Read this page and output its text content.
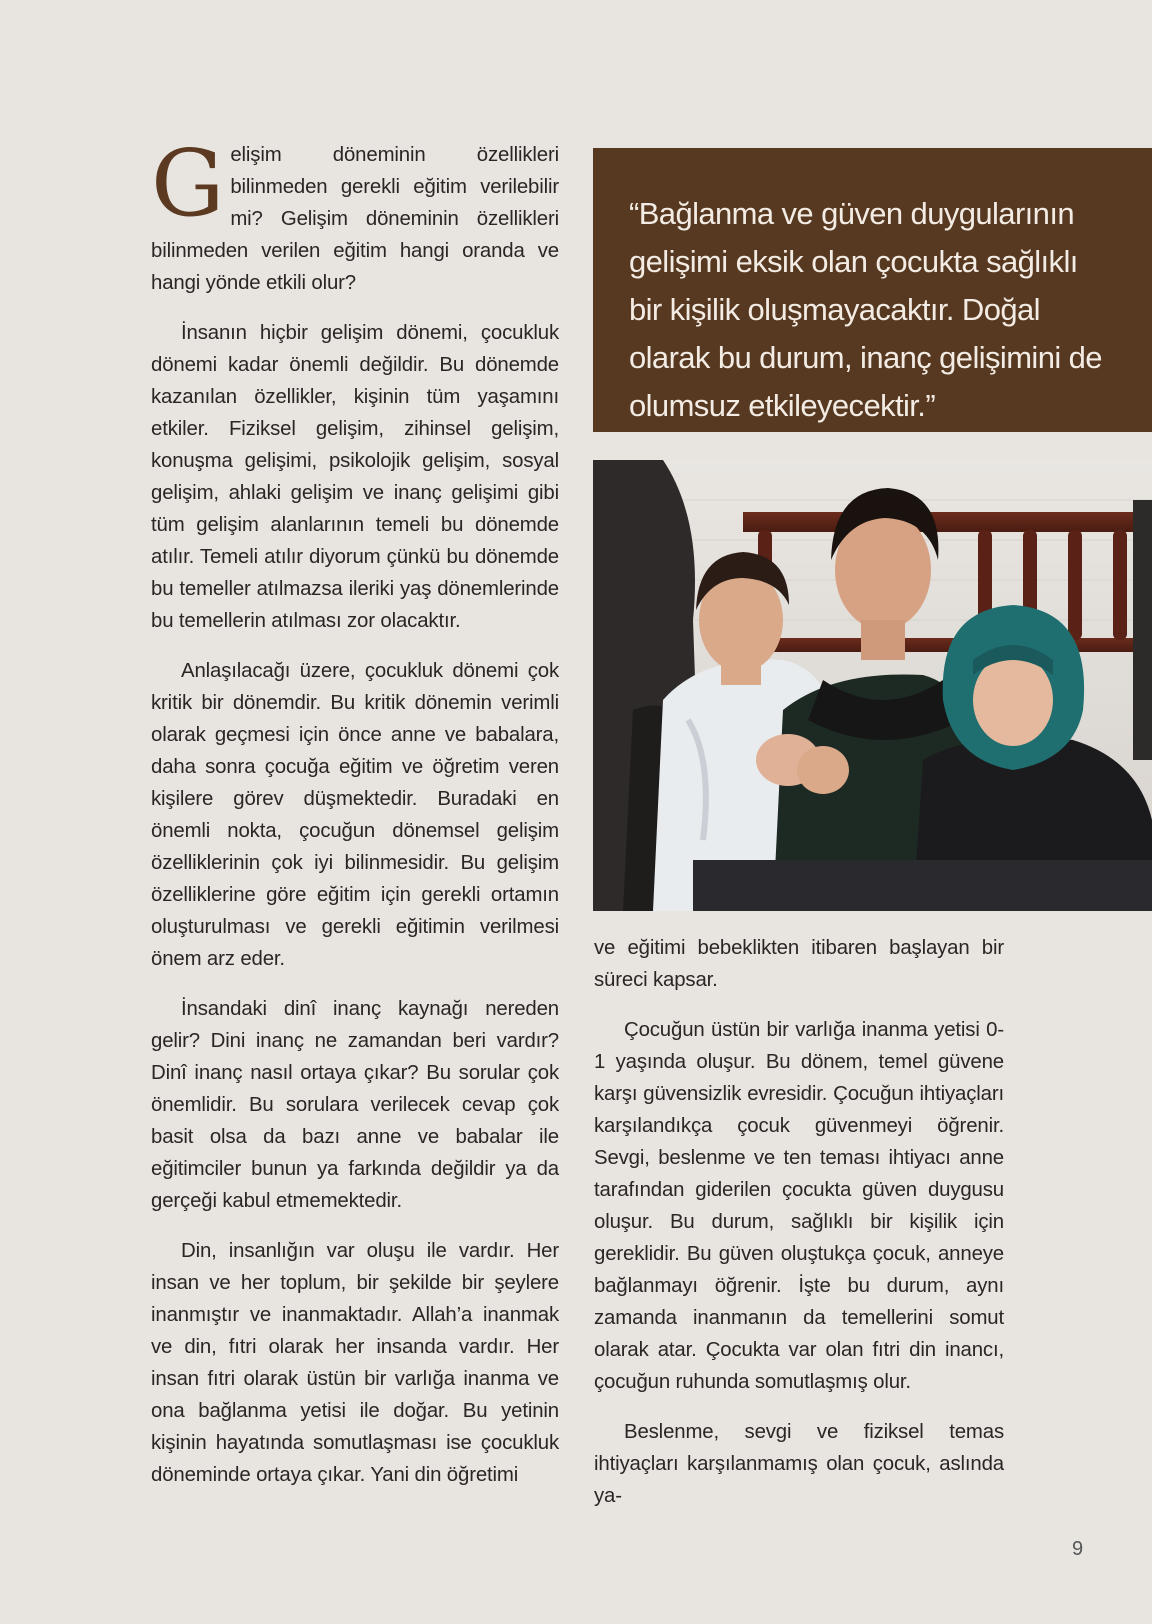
Gelişim döneminin özellikleri bilinmeden gerekli eğitim verilebilir mi? Gelişim döneminin özellikleri bilinmeden verilen eğitim hangi oranda ve hangi yönde etkili olur?

İnsanın hiçbir gelişim dönemi, çocukluk dönemi kadar önemli değildir. Bu dönemde kazanılan özellikler, kişinin tüm yaşamını etkiler. Fiziksel gelişim, zihinsel gelişim, konuşma gelişimi, psikolojik gelişim, sosyal gelişim, ahlaki gelişim ve inanç gelişimi gibi tüm gelişim alanlarının temeli bu dönemde atılır. Temeli atılır diyorum çünkü bu dönemde bu temeller atılmazsa ileriki yaş dönemlerinde bu temellerin atılması zor olacaktır.

Anlaşılacağı üzere, çocukluk dönemi çok kritik bir dönemdir. Bu kritik dönemin verimli olarak geçmesi için önce anne ve babalara, daha sonra çocuğa eğitim ve öğretim veren kişilere görev düşmektedir. Buradaki en önemli nokta, çocuğun dönemsel gelişim özelliklerinin çok iyi bilinmesidir. Bu gelişim özelliklerine göre eğitim için gerekli ortamın oluşturulması ve gerekli eğitimin verilmesi önem arz eder.

İnsandaki dinî inanç kaynağı nereden gelir? Dini inanç ne zamandan beri vardır? Dinî inanç nasıl ortaya çıkar? Bu sorular çok önemlidir. Bu sorulara verilecek cevap çok basit olsa da bazı anne ve babalar ile eğitimciler bunun ya farkında değildir ya da gerçeği kabul etmemektedir.

Din, insanlığın var oluşu ile vardır. Her insan ve her toplum, bir şekilde bir şeylere inanmıştır ve inanmaktadır. Allah’a inanmak ve din, fıtri olarak her insanda vardır. Her insan fıtri olarak üstün bir varlığa inanma ve ona bağlanma yetisi ile doğar. Bu yetinin kişinin hayatında somutlaşması ise çocukluk döneminde ortaya çıkar. Yani din öğretimi

“Bağlanma ve güven duygularının gelişimi eksik olan çocukta sağlıklı bir kişilik oluşmayacaktır. Doğal olarak bu durum, inanç gelişimini de olumsuz etkileyecektir.”

ve eğitimi bebeklikten itibaren başlayan bir süreci kapsar.

Çocuğun üstün bir varlığa inanma yetisi 0-1 yaşında oluşur. Bu dönem, temel güvene karşı güvensizlik evresidir. Çocuğun ihtiyaçları karşılandıkça çocuk güvenmeyi öğrenir. Sevgi, beslenme ve ten teması ihtiyacı anne tarafından giderilen çocukta güven duygusu oluşur. Bu durum, sağlıklı bir kişilik için gereklidir. Bu güven oluştukça çocuk, anneye bağlanmayı öğrenir. İşte bu durum, aynı zamanda inanmanın da temellerini somut olarak atar. Çocukta var olan fıtri din inancı, çocuğun ruhunda somutlaşmış olur.

Beslenme, sevgi ve fiziksel temas ihtiyaçları karşılanmamış olan çocuk, aslında ya-

9
